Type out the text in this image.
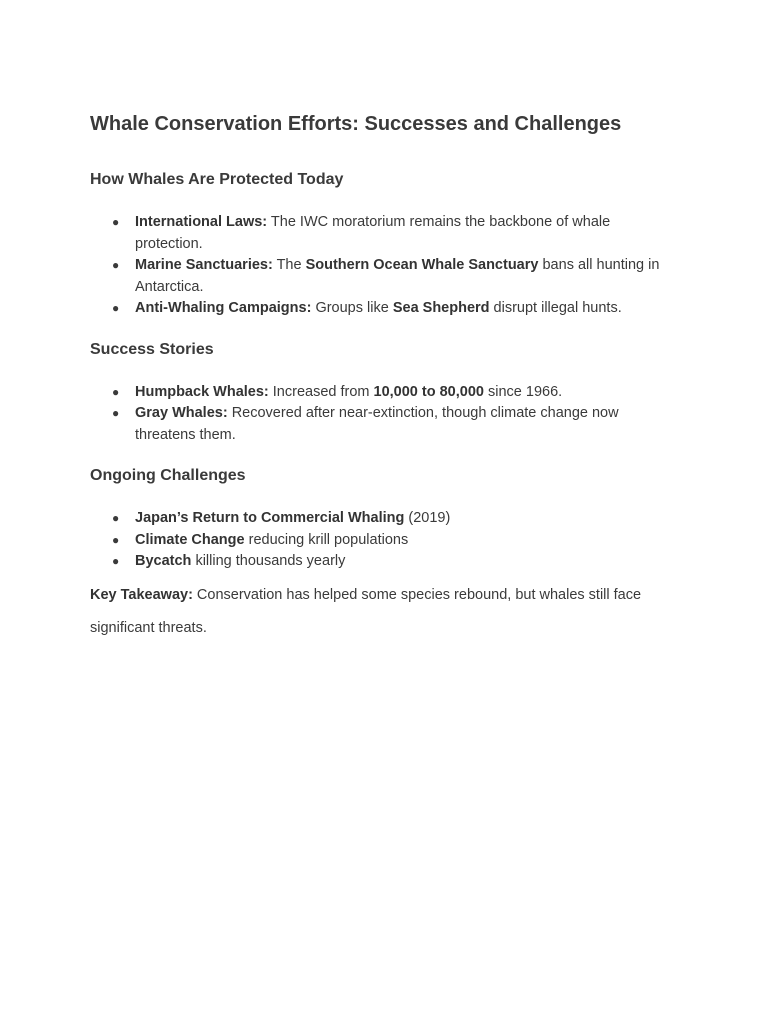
Whale Conservation Efforts: Successes and Challenges
How Whales Are Protected Today
● International Laws: The IWC moratorium remains the backbone of whale protection.
● Marine Sanctuaries: The Southern Ocean Whale Sanctuary bans all hunting in Antarctica.
● Anti-Whaling Campaigns: Groups like Sea Shepherd disrupt illegal hunts.
Success Stories
● Humpback Whales: Increased from 10,000 to 80,000 since 1966.
● Gray Whales: Recovered after near-extinction, though climate change now threatens them.
Ongoing Challenges
● Japan’s Return to Commercial Whaling (2019)
● Climate Change reducing krill populations
● Bycatch killing thousands yearly

Key Takeaway: Conservation has helped some species rebound, but whales still face significant threats.
